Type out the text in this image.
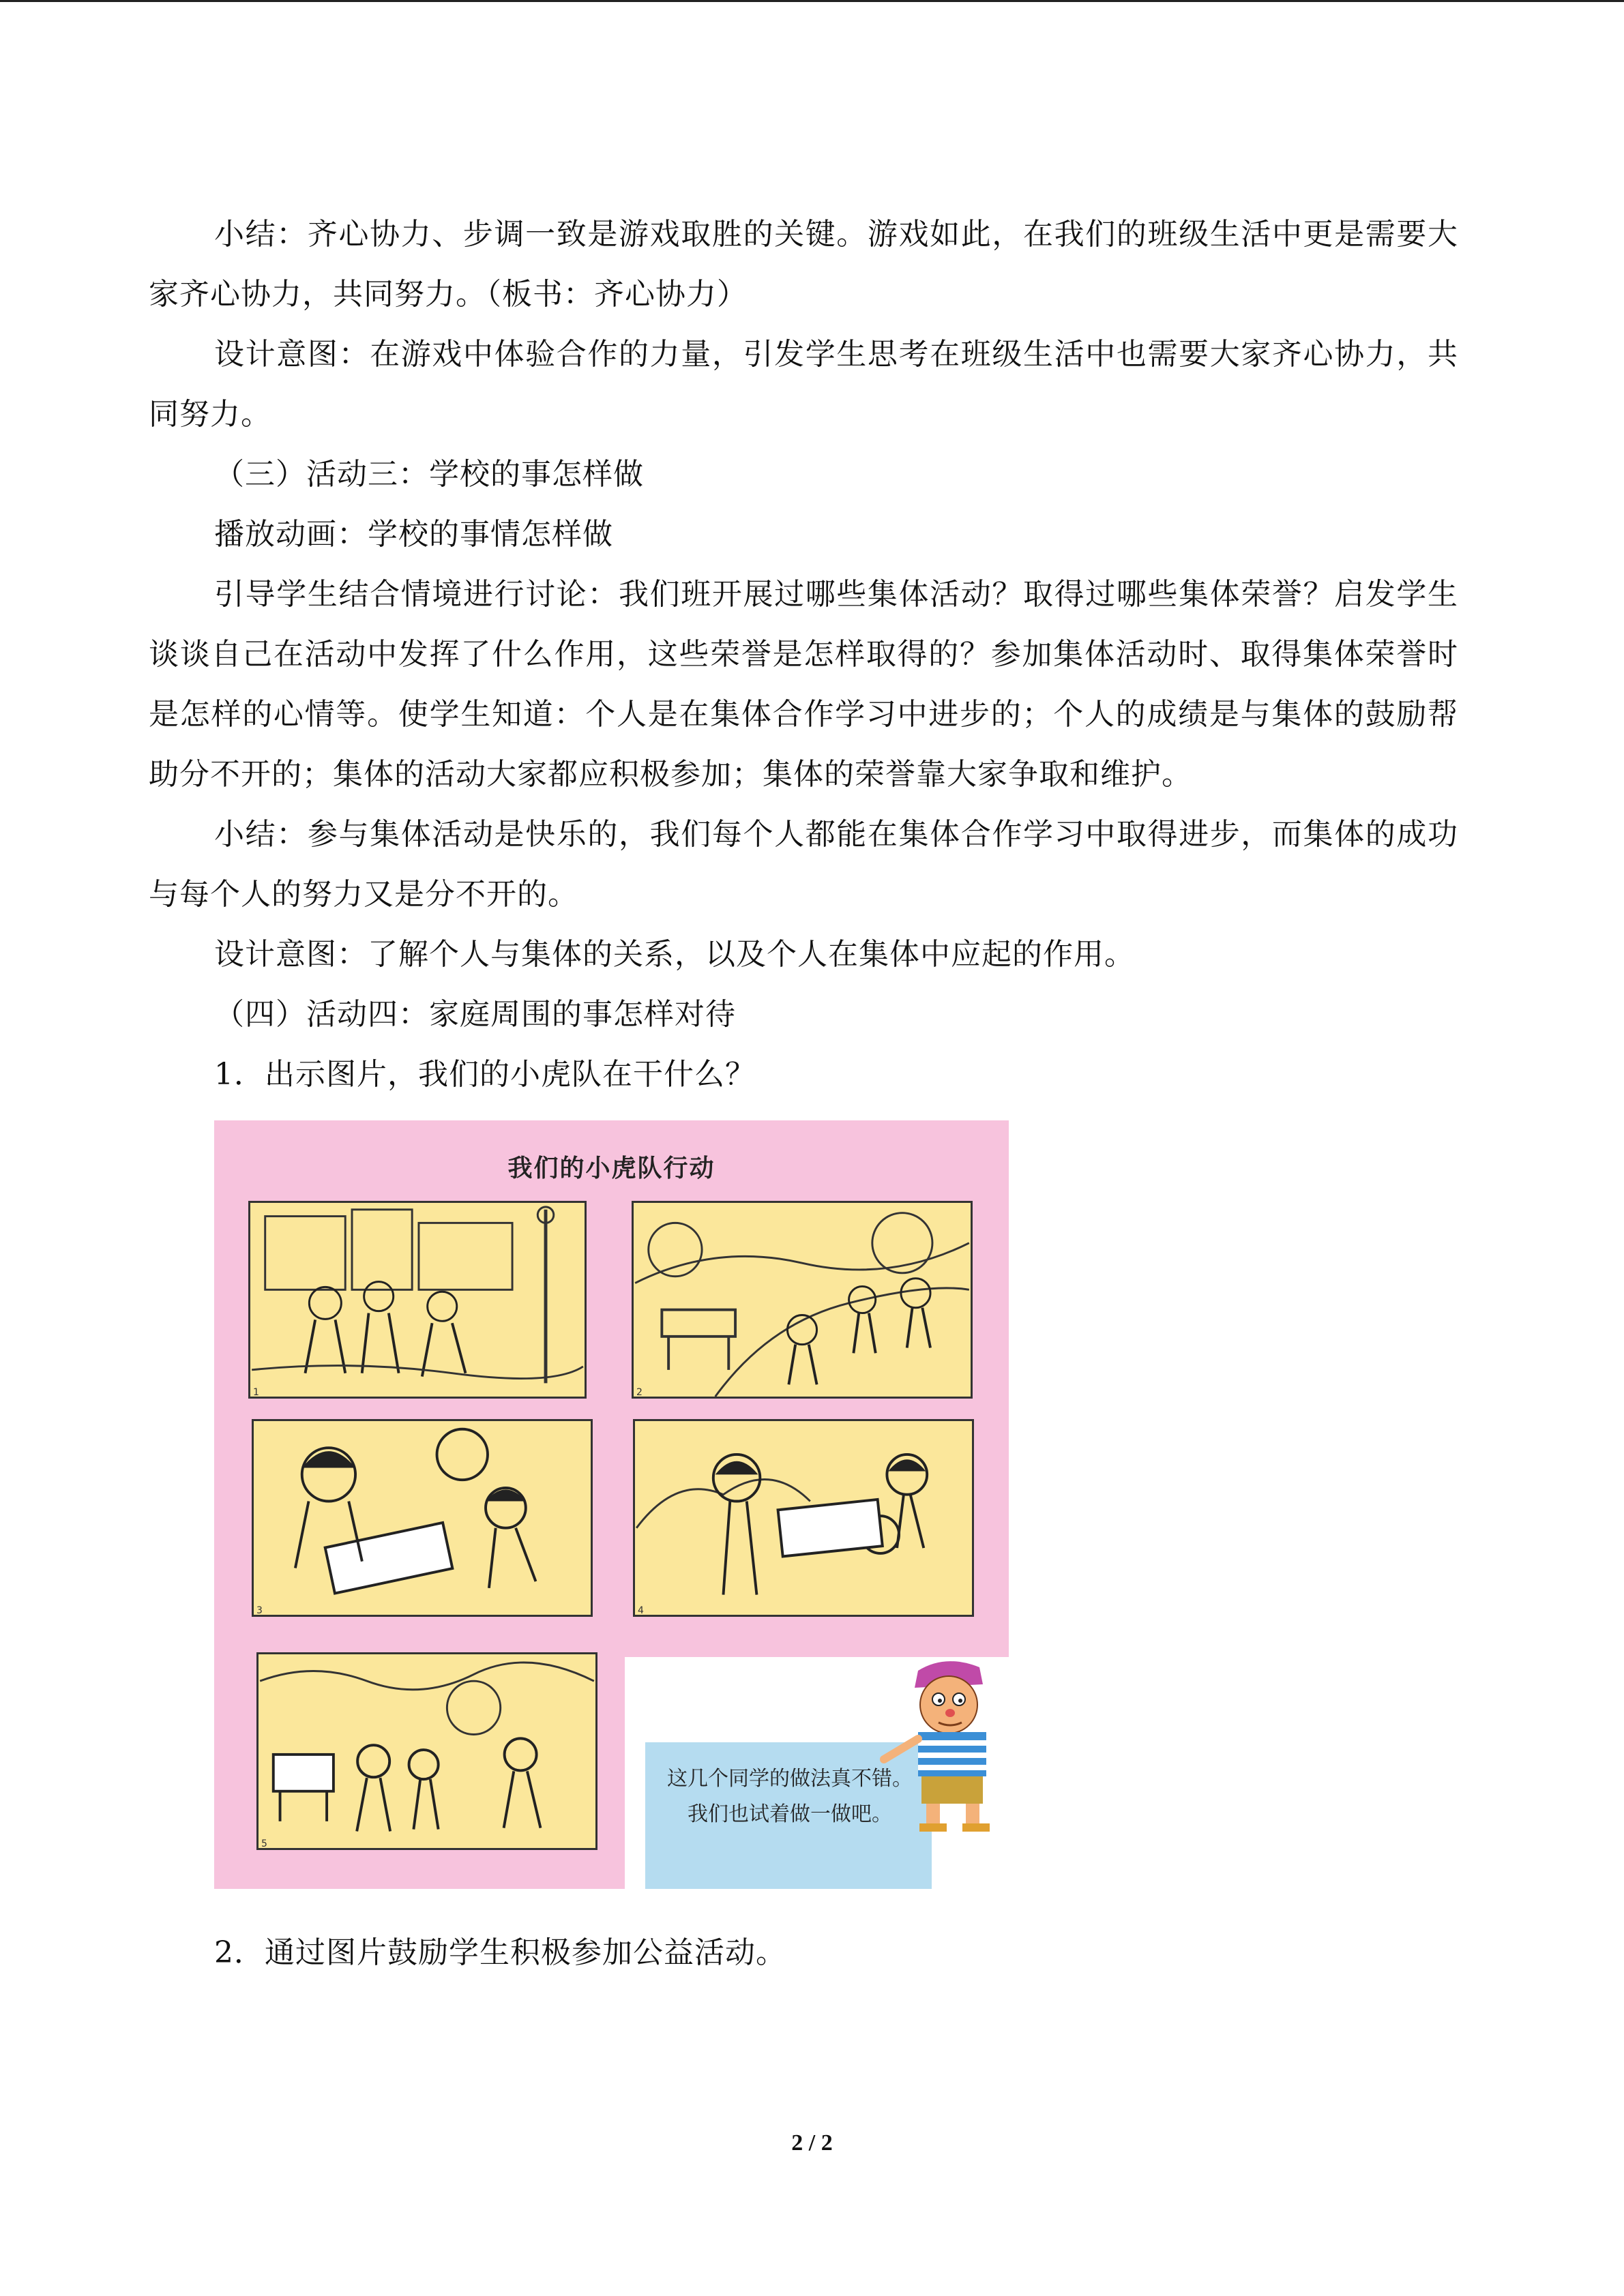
小结：齐心协力、步调一致是游戏取胜的关键。游戏如此，在我们的班级生活中更是需要大家齐心协力，共同努力。（板书：齐心协力）

设计意图：在游戏中体验合作的力量，引发学生思考在班级生活中也需要大家齐心协力，共同努力。

（三）活动三：学校的事怎样做

播放动画：学校的事情怎样做

引导学生结合情境进行讨论：我们班开展过哪些集体活动？取得过哪些集体荣誉？启发学生谈谈自己在活动中发挥了什么作用，这些荣誉是怎样取得的？参加集体活动时、取得集体荣誉时是怎样的心情等。使学生知道：个人是在集体合作学习中进步的；个人的成绩是与集体的鼓励帮助分不开的；集体的活动大家都应积极参加；集体的荣誉靠大家争取和维护。

小结：参与集体活动是快乐的，我们每个人都能在集体合作学习中取得进步，而集体的成功与每个人的努力又是分不开的。

设计意图：了解个人与集体的关系，以及个人在集体中应起的作用。

（四）活动四：家庭周围的事怎样对待

1．出示图片，我们的小虎队在干什么？

我们的小虎队行动
1	2
3	4
5
这几个同学的做法真不错。我们也试着做一做吧。

2．通过图片鼓励学生积极参加公益活动。

2 / 2
